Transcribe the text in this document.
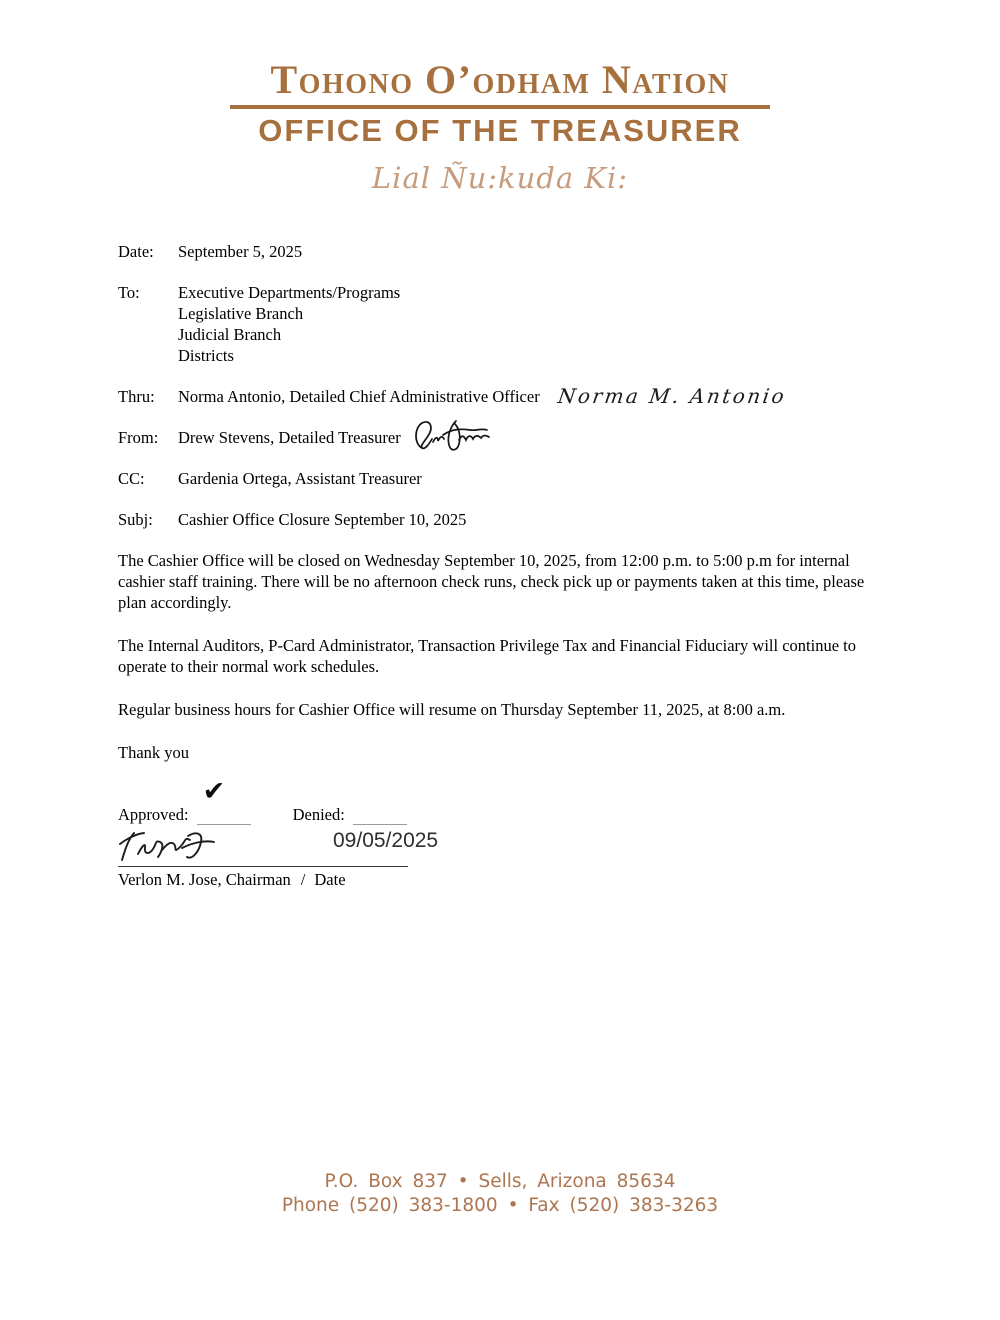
Tohono O’odham Nation
OFFICE OF THE TREASURER
Lial Ñu:kuda Ki:
Date:	September 5, 2025
To:	Executive Departments/Programs
Legislative Branch
Judicial Branch
Districts
Thru:	Norma Antonio, Detailed Chief Administrative Officer Norma M. Antonio
From:	Drew Stevens, Detailed Treasurer
CC:	Gardenia Ortega, Assistant Treasurer
Subj:	Cashier Office Closure September 10, 2025

The Cashier Office will be closed on Wednesday September 10, 2025, from 12:00 p.m. to 5:00 p.m for internal cashier staff training. There will be no afternoon check runs, check pick up or payments taken at this time, please plan accordingly.

The Internal Auditors, P-Card Administrator, Transaction Privilege Tax and Financial Fiduciary will continue to operate to their normal work schedules.

Regular business hours for Cashier Office will resume on Thursday September 11, 2025, at 8:00 a.m.

Thank you

Approved:
✔
Denied:
09/05/2025
Verlon M. Jose, Chairman / Date
P.O. Box 837 • Sells, Arizona 85634
Phone (520) 383-1800 • Fax (520) 383-3263
